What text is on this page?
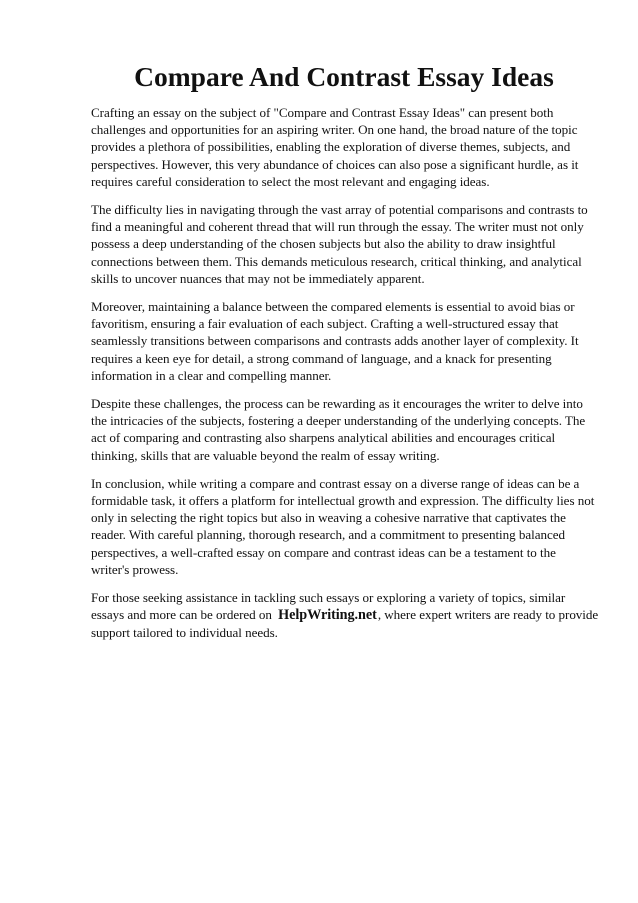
Compare And Contrast Essay Ideas

Crafting an essay on the subject of "Compare and Contrast Essay Ideas" can present both
challenges and opportunities for an aspiring writer. On one hand, the broad nature of the topic
provides a plethora of possibilities, enabling the exploration of diverse themes, subjects, and
perspectives. However, this very abundance of choices can also pose a significant hurdle, as it
requires careful consideration to select the most relevant and engaging ideas.

The difficulty lies in navigating through the vast array of potential comparisons and contrasts to
find a meaningful and coherent thread that will run through the essay. The writer must not only
possess a deep understanding of the chosen subjects but also the ability to draw insightful
connections between them. This demands meticulous research, critical thinking, and analytical
skills to uncover nuances that may not be immediately apparent.

Moreover, maintaining a balance between the compared elements is essential to avoid bias or
favoritism, ensuring a fair evaluation of each subject. Crafting a well-structured essay that
seamlessly transitions between comparisons and contrasts adds another layer of complexity. It
requires a keen eye for detail, a strong command of language, and a knack for presenting
information in a clear and compelling manner.

Despite these challenges, the process can be rewarding as it encourages the writer to delve into
the intricacies of the subjects, fostering a deeper understanding of the underlying concepts. The
act of comparing and contrasting also sharpens analytical abilities and encourages critical
thinking, skills that are valuable beyond the realm of essay writing.

In conclusion, while writing a compare and contrast essay on a diverse range of ideas can be a
formidable task, it offers a platform for intellectual growth and expression. The difficulty lies not
only in selecting the right topics but also in weaving a cohesive narrative that captivates the
reader. With careful planning, thorough research, and a commitment to presenting balanced
perspectives, a well-crafted essay on compare and contrast ideas can be a testament to the
writer's prowess.

For those seeking assistance in tackling such essays or exploring a variety of topics, similar
essays and more can be ordered on HelpWriting.net, where expert writers are ready to provide
support tailored to individual needs.
